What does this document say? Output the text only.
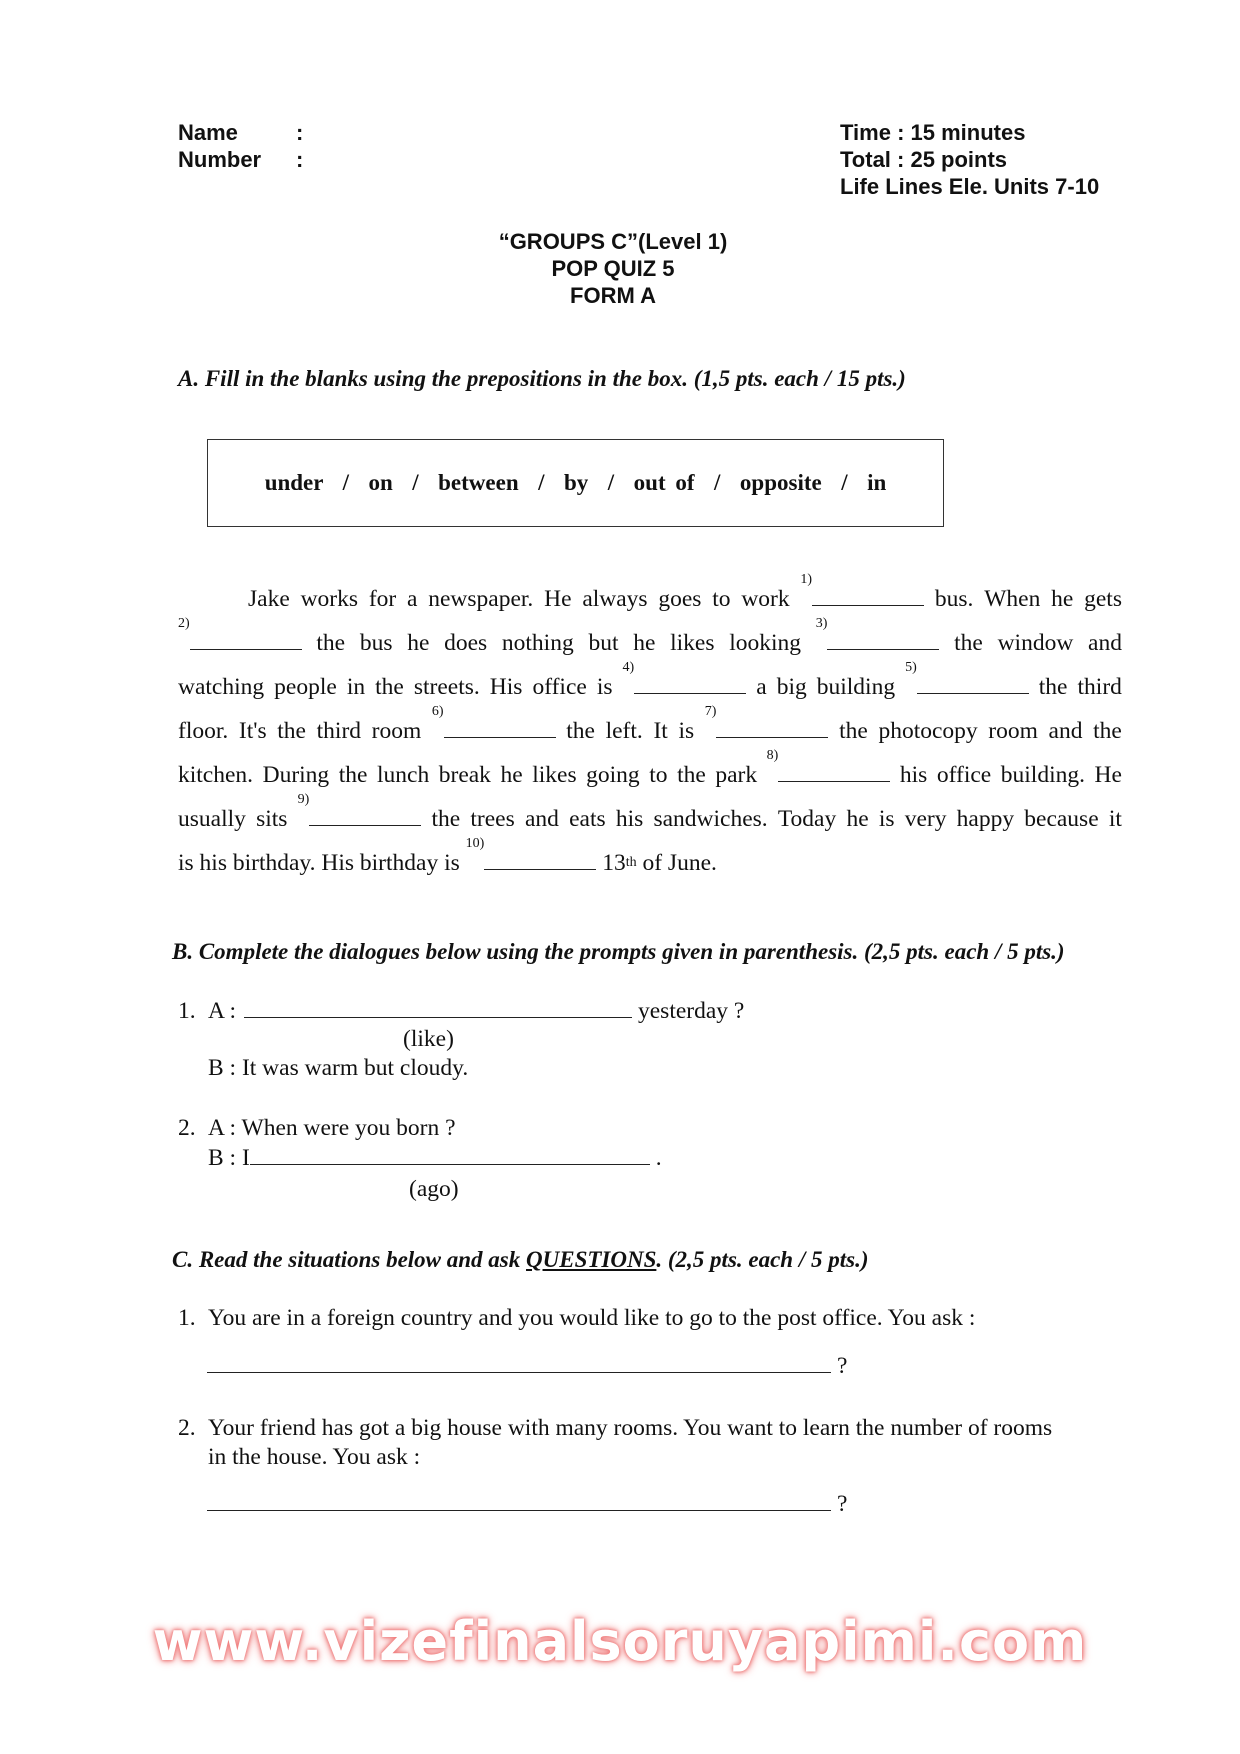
Name	:
Number	:
Time : 15 minutes
Total : 25 points
Life Lines Ele. Units 7-10
“GROUPS C”(Level 1)
POP QUIZ 5
FORM A
A. Fill in the blanks using the prepositions in the box. (1,5 pts. each / 15 pts.)
under  /  on  /  between  /  by  /  out of  /  opposite  /  in
Jake works for a newspaper. He always goes to work
$^{1)}$
bus. When he gets
$^{2)}$
the bus he does nothing but he likes looking
$^{3)}$
the window and
watching people in the streets. His office is
$^{4)}$
a big building
$^{5)}$
the third
floor. It's the third room
$^{6)}$
the left. It is
$^{7)}$
the photocopy room and the
kitchen. During the lunch break he likes going to the park
$^{8)}$
his office building. He
usually sits
$^{9)}$
the trees and eats his sandwiches. Today he is very happy because it
is his birthday. His birthday is
$^{10)}$
13th of June.
B. Complete the dialogues below using the prompts given in parenthesis. (2,5 pts. each / 5 pts.)
1. A :	yesterday ?
(like)
B : It was warm but cloudy.
2. A : When were you born ?
B : I	.
(ago)
C. Read the situations below and ask QUESTIONS. (2,5 pts. each / 5 pts.)
1. You are in a foreign country and you would like to go to the post office. You ask :
?
2. Your friend has got a big house with many rooms. You want to learn the number of rooms
in the house. You ask :
?
www.vizefinalsoruyapimi.com
